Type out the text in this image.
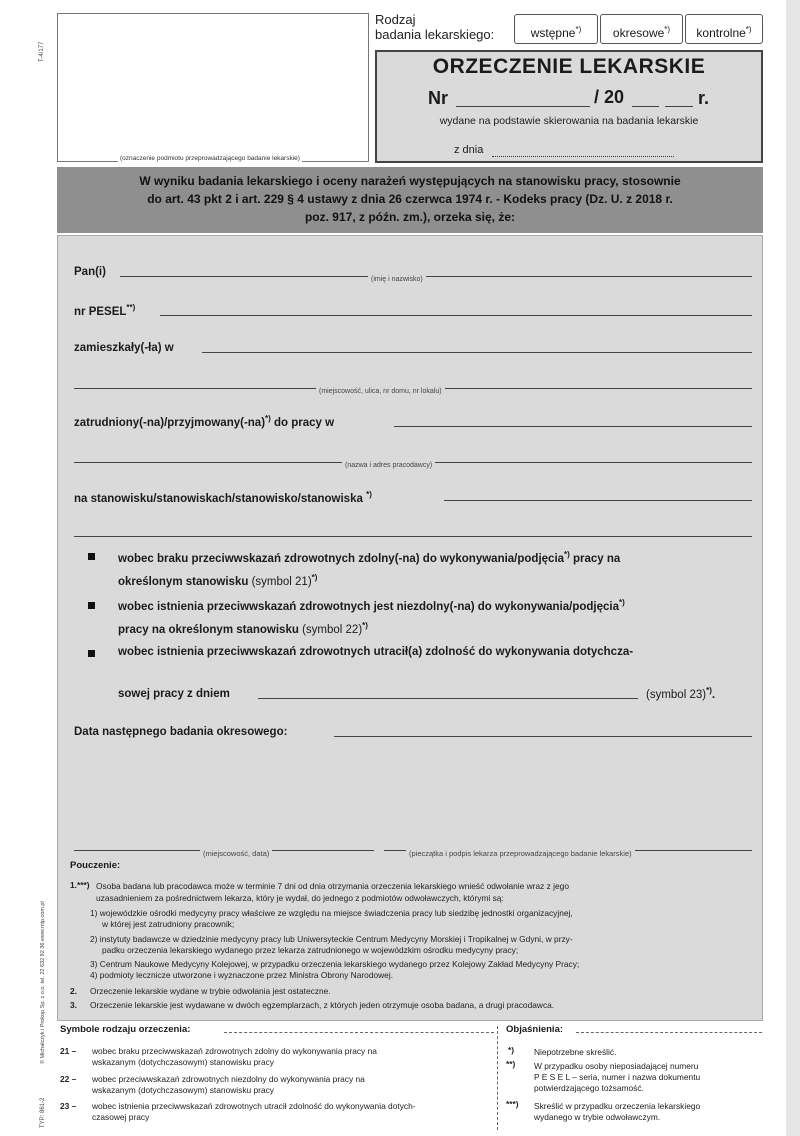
T-4/177
© Michalczyk i Prokop Sp. z o.o. tel. 22 632 92 36 www.mip.com.pl
TYP: 861-2
(oznaczenie podmiotu przeprowadzającego badanie lekarskie)
Rodzaj
badania lekarskiego:	wstępne*)	okresowe*)	kontrolne*)
ORZECZENIE LEKARSKIE
Nr	/ 20	r.
wydane na podstawie skierowania na badania lekarskie
z dnia
W wyniku badania lekarskiego i oceny narażeń występujących na stanowisku pracy, stosownie
do art. 43 pkt 2 i art. 229 § 4 ustawy z dnia 26 czerwca 1974 r. - Kodeks pracy (Dz. U. z 2018 r.
poz. 917, z późn. zm.), orzeka się, że:
Pan(i)
(imię i nazwisko)
nr PESEL**)
zamieszkały(-ła) w
(miejscowość, ulica, nr domu, nr lokalu)
zatrudniony(-na)/przyjmowany(-na)*) do pracy w
(nazwa i adres pracodawcy)
na stanowisku/stanowiskach/stanowisko/stanowiska *)
wobec braku przeciwwskazań zdrowotnych zdolny(-na) do wykonywania/podjęcia*) pracy na
określonym stanowisku (symbol 21)*)
wobec istnienia przeciwwskazań zdrowotnych jest niezdolny(-na) do wykonywania/podjęcia*)
pracy na określonym stanowisku (symbol 22)*)
wobec istnienia przeciwwskazań zdrowotnych utracił(a) zdolność do wykonywania dotychcza-
sowej pracy z dniem	(symbol 23)*).
Data następnego badania okresowego:
(miejscowość, data)	(pieczątka i podpis lekarza przeprowadzającego badanie lekarskie)
Pouczenie:
1.***) Osoba badana lub pracodawca może w terminie 7 dni od dnia otrzymania orzeczenia lekarskiego wnieść odwołanie wraz z jego
uzasadnieniem za pośrednictwem lekarza, który je wydał, do jednego z podmiotów odwoławczych, którymi są:
1) wojewódzkie ośrodki medycyny pracy właściwe ze względu na miejsce świadczenia pracy lub siedzibę jednostki organizacyjnej,
w której jest zatrudniony pracownik;
2) instytuty badawcze w dziedzinie medycyny pracy lub Uniwersyteckie Centrum Medycyny Morskiej i Tropikalnej w Gdyni, w przy-
padku orzeczenia lekarskiego wydanego przez lekarza zatrudnionego w wojewódzkim ośrodku medycyny pracy;
3) Centrum Naukowe Medycyny Kolejowej, w przypadku orzeczenia lekarskiego wydanego przez Kolejowy Zakład Medycyny Pracy;
4) podmioty lecznicze utworzone i wyznaczone przez Ministra Obrony Narodowej.
2. Orzeczenie lekarskie wydane w trybie odwołania jest ostateczne.
3. Orzeczenie lekarskie jest wydawane w dwóch egzemplarzach, z których jeden otrzymuje osoba badana, a drugi pracodawca.
Symbole rodzaju orzeczenia:
21 – wobec braku przeciwwskazań zdrowotnych zdolny do wykonywania pracy na
wskazanym (dotychczasowym) stanowisku pracy
22 – wobec przeciwwskazań zdrowotnych niezdolny do wykonywania pracy na
wskazanym (dotychczasowym) stanowisku pracy
23 – wobec istnienia przeciwwskazań zdrowotnych utracił zdolność do wykonywania dotych-
czasowej pracy
Objaśnienia:
*) Niepotrzebne skreślić.
**) W przypadku osoby nieposiadającej numeru
P E S E L – seria, numer i nazwa dokumentu
potwierdzającego tożsamość.
***) Skreślić w przypadku orzeczenia lekarskiego
wydanego w trybie odwoławczym.
